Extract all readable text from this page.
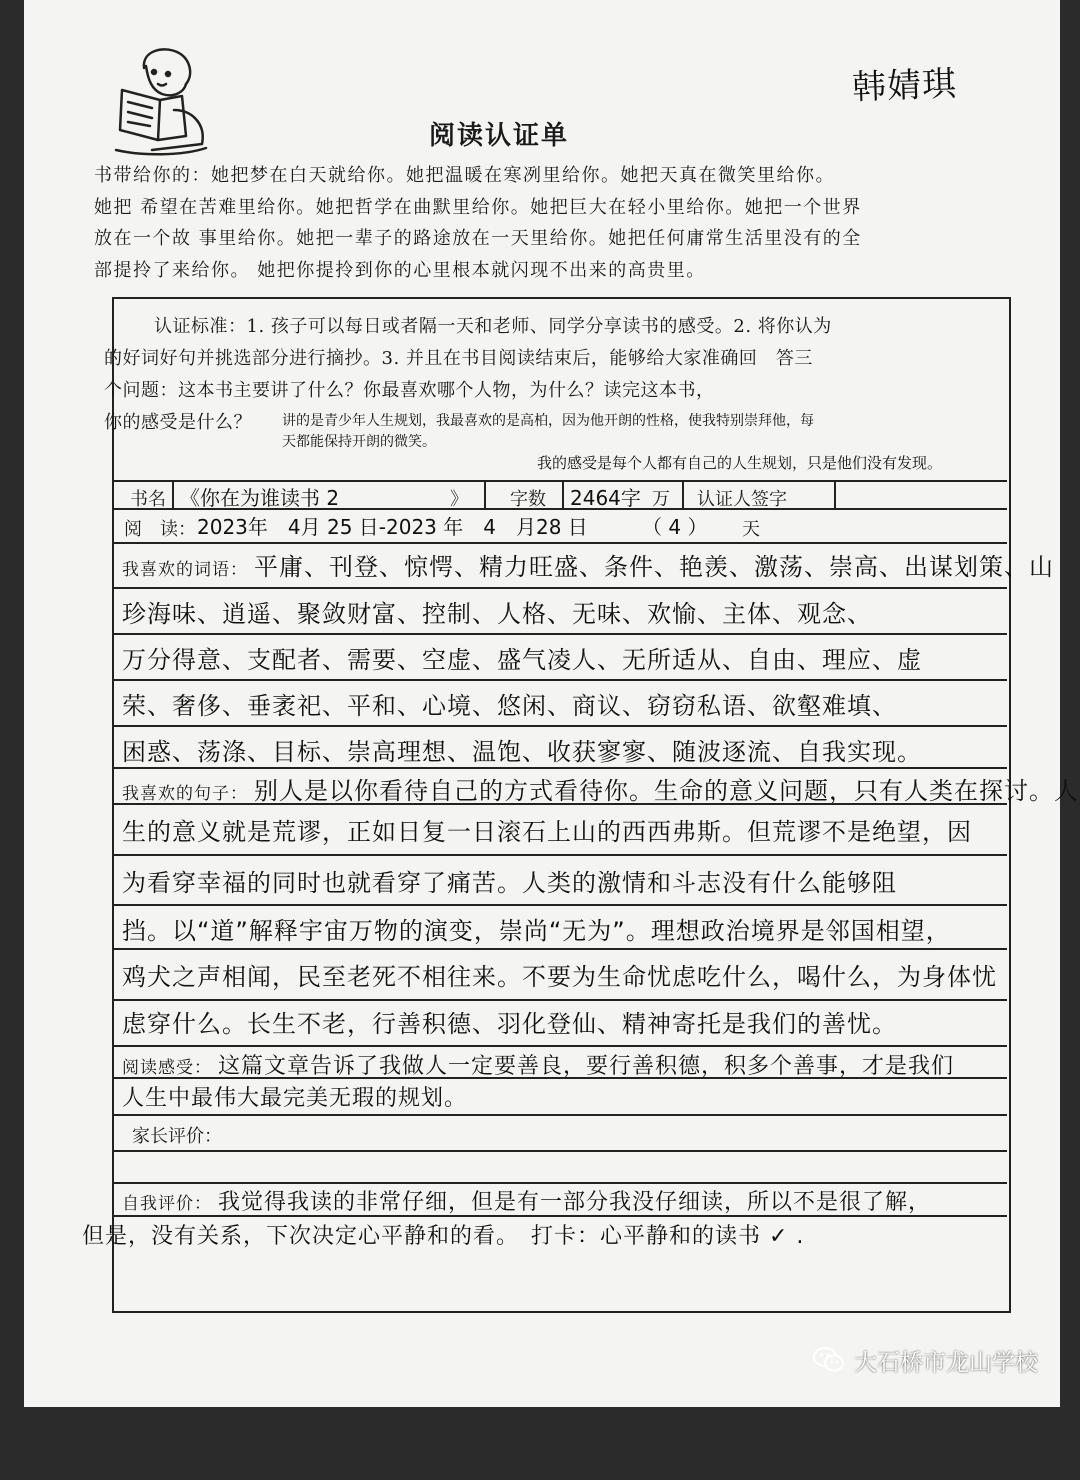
韩婧琪
阅读认证单

书带给你的：她把梦在白天就给你。她把温暖在寒冽里给你。她把天真在微笑里给你。

她把 希望在苦难里给你。她把哲学在曲默里给你。她把巨大在轻小里给你。她把一个世界

放在一个故 事里给你。她把一辈子的路途放在一天里给你。她把任何庸常生活里没有的全

部提拎了来给你。 她把你提拎到你的心里根本就闪现不出来的高贵里。

认证标准：1. 孩子可以每日或者隔一天和老师、同学分享读书的感受。2. 将你认为

的好词好句并挑选部分进行摘抄。3. 并且在书目阅读结束后，能够给大家准确回　答三

个问题：这本书主要讲了什么？你最喜欢哪个人物，为什么？读完这本书，

你的感受是什么？	讲的是青少年人生规划，我最喜欢的是高柏，因为他开朗的性格，使我特别崇拜他，每
天都能保持开朗的微笑。
我的感受是每个人都有自己的人生规划，只是他们没有发现。
书名 《你在为谁读书 2	》 字数 2464字 万 认证人签字
阅　读： 2023年　4月 25 日-2023 年　4　月28 日	（ 4 ） 天
我喜欢的词语： 平庸、刊登、惊愕、精力旺盛、条件、艳羡、激荡、崇高、出谋划策、山
珍海味、逍遥、聚敛财富、控制、人格、无味、欢愉、主体、观念、
万分得意、支配者、需要、空虚、盛气凌人、无所适从、自由、理应、虚
荣、奢侈、垂袤祀、平和、心境、悠闲、商议、窃窃私语、欲壑难填、
困惑、荡涤、目标、崇高理想、温饱、收获寥寥、随波逐流、自我实现。
我喜欢的句子： 别人是以你看待自己的方式看待你。生命的意义问题，只有人类在探讨。人
生的意义就是荒谬，正如日复一日滚石上山的西西弗斯。但荒谬不是绝望，因
为看穿幸福的同时也就看穿了痛苦。人类的激情和斗志没有什么能够阻
挡。以“道”解释宇宙万物的演变，崇尚“无为”。理想政治境界是邻国相望，
鸡犬之声相闻，民至老死不相往来。不要为生命忧虑吃什么，喝什么，为身体忧
虑穿什么。长生不老，行善积德、羽化登仙、精神寄托是我们的善忧。
阅读感受： 这篇文章告诉了我做人一定要善良，要行善积德，积多个善事，才是我们
人生中最伟大最完美无瑕的规划。
家长评价：
自我评价： 我觉得我读的非常仔细，但是有一部分我没仔细读，所以不是很了解，
但是，没有关系，下次决定心平静和的看。　打卡：心平静和的读书 ✓ .
大石桥市龙山学校
